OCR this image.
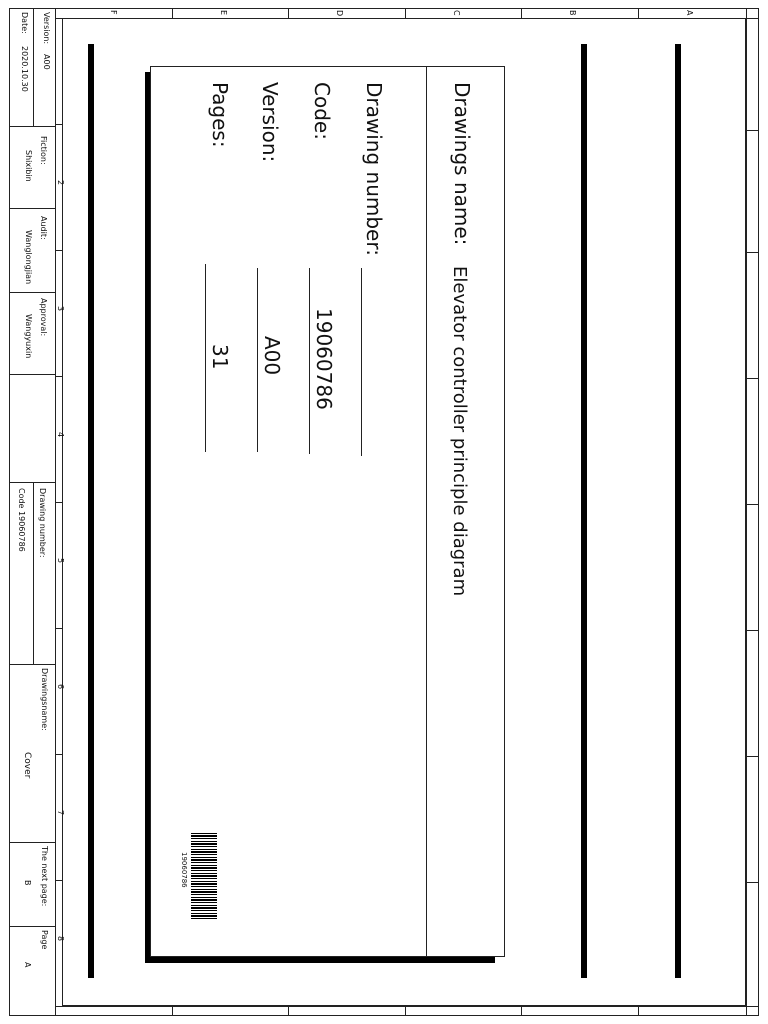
F	E	D	C	B	A
2
3
4
5
6
7
8
Version:
A00
Date:
2020.10.30
Fiction:
Shixibin
Audit:
Wanglongjian
Approval:
Wangyuxin
Drawing number:
Code 19060786
Drawingsname:
Cover
The next page:
B
Page
A
Drawings name:
Elevator controller principle diagram
Drawing number:
Code:
19060786
Version:
A00
Pages:
31
19060786
